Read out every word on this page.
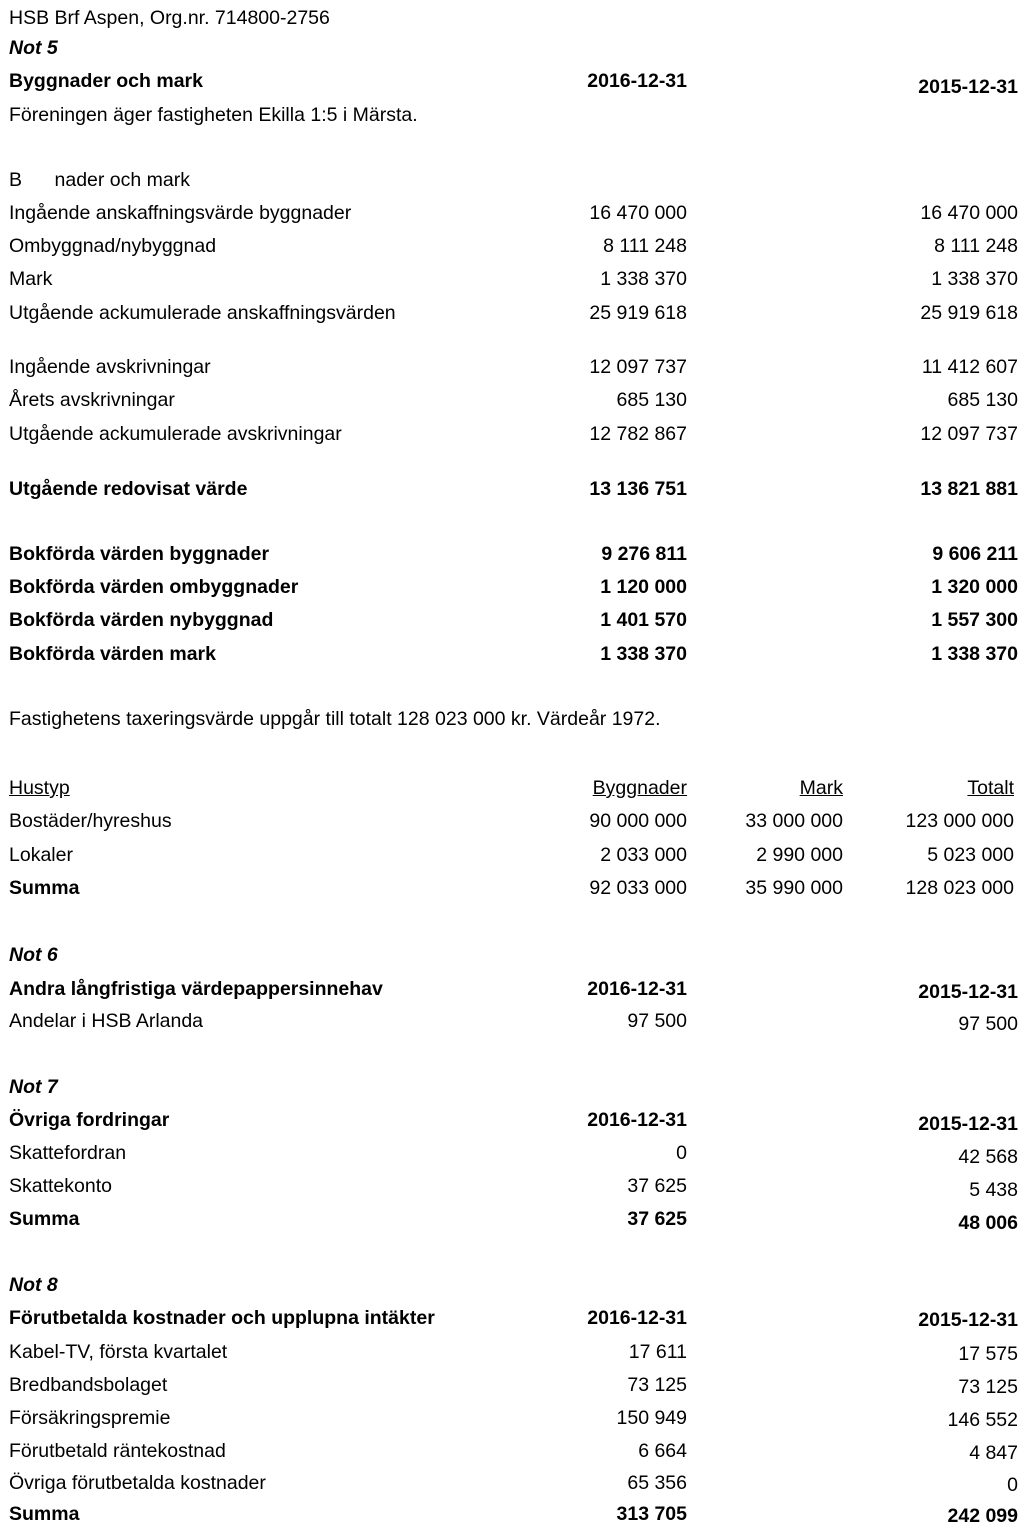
HSB Brf Aspen, Org.nr. 714800-2756
Not 5
Byggnader och mark	2016-12-31	2015-12-31
Föreningen äger fastigheten Ekilla 1:5 i Märsta.
B      nader och mark
Ingående anskaffningsvärde byggnader	16 470 000	16 470 000
Ombyggnad/nybyggnad	8 111 248	8 111 248
Mark	1 338 370	1 338 370
Utgående ackumulerade anskaffningsvärden	25 919 618	25 919 618
Ingående avskrivningar	12 097 737	11 412 607
Årets avskrivningar	685 130	685 130
Utgående ackumulerade avskrivningar	12 782 867	12 097 737
Utgående redovisat värde	13 136 751	13 821 881
Bokförda värden byggnader	9 276 811	9 606 211
Bokförda värden ombyggnader	1 120 000	1 320 000
Bokförda värden nybyggnad	1 401 570	1 557 300
Bokförda värden mark	1 338 370	1 338 370
Fastighetens taxeringsvärde uppgår till totalt 128 023 000 kr. Värdeår 1972.
Hustyp	Byggnader	Mark	Totalt
Bostäder/hyreshus	90 000 000	33 000 000	123 000 000
Lokaler	2 033 000	2 990 000	5 023 000
Summa	92 033 000	35 990 000	128 023 000
Not 6
Andra långfristiga värdepappersinnehav	2016-12-31	2015-12-31
Andelar i HSB Arlanda	97 500	97 500
Not 7
Övriga fordringar	2016-12-31	2015-12-31
Skattefordran	0	42 568
Skattekonto	37 625	5 438
Summa	37 625	48 006
Not 8
Förutbetalda kostnader och upplupna intäkter	2016-12-31	2015-12-31
Kabel-TV, första kvartalet	17 611	17 575
Bredbandsbolaget	73 125	73 125
Försäkringspremie	150 949	146 552
Förutbetald räntekostnad	6 664	4 847
Övriga förutbetalda kostnader	65 356	0
Summa	313 705	242 099
